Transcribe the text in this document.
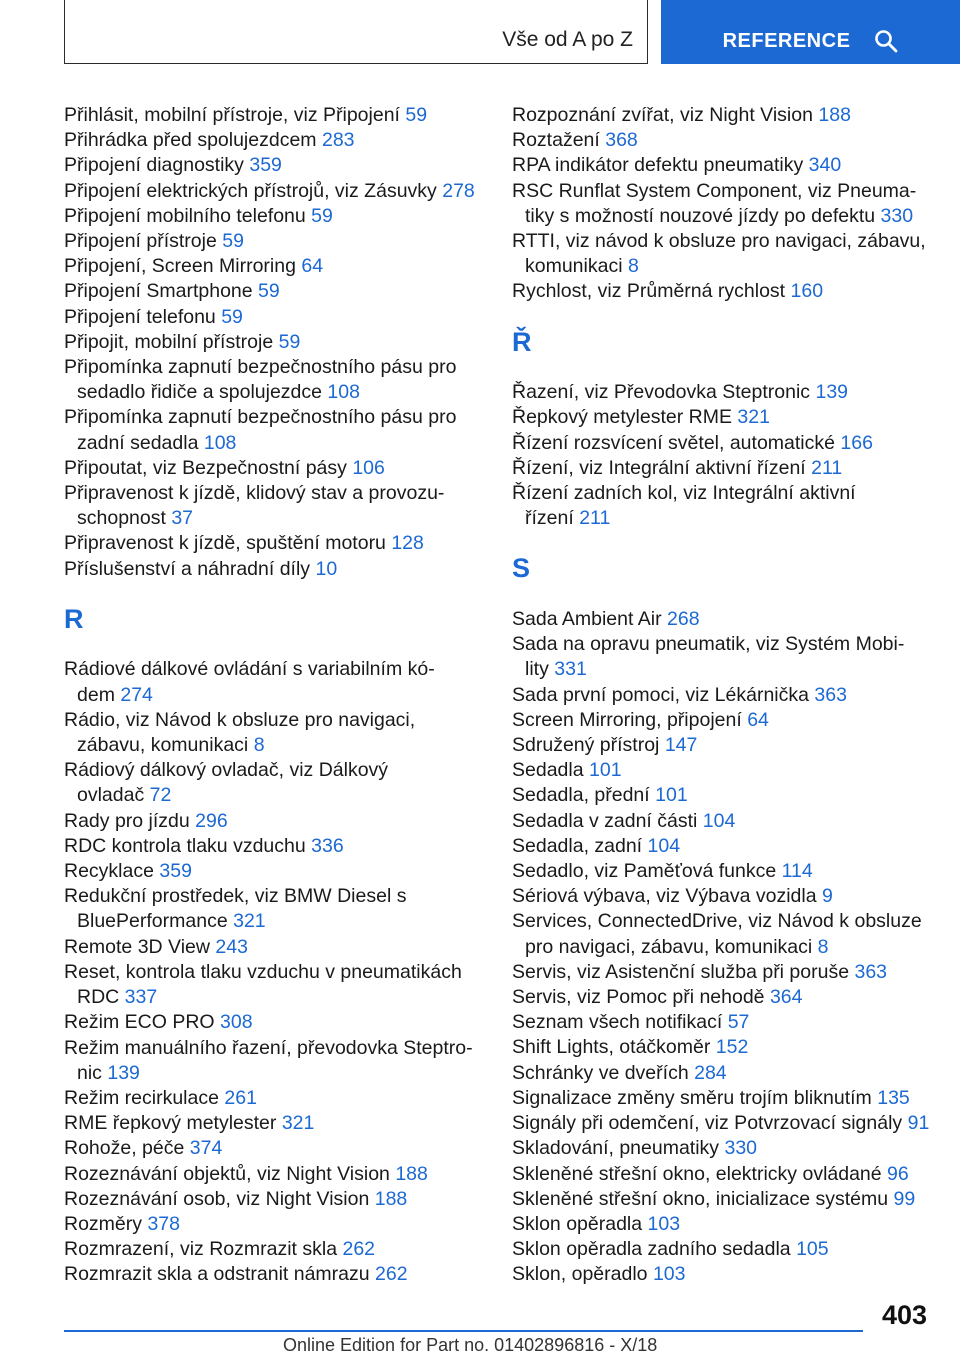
Vše od A po Z	REFERENCE
Přihlásit, mobilní přístroje, viz Připojení 59
Přihrádka před spolujezdcem 283
Připojení diagnostiky 359
Připojení elektrických přístrojů, viz Zásuvky 278
Připojení mobilního telefonu 59
Připojení přístroje 59
Připojení, Screen Mirroring 64
Připojení Smartphone 59
Připojení telefonu 59
Připojit, mobilní přístroje 59
Připomínka zapnutí bezpečnostního pásu pro sedadlo řidiče a spolujezdce 108
Připomínka zapnutí bezpečnostního pásu pro zadní sedadla 108
Připoutat, viz Bezpečnostní pásy 106
Připravenost k jízdě, klidový stav a provozuschopnost 37
Připravenost k jízdě, spuštění motoru 128
Příslušenství a náhradní díly 10
R
Rádiové dálkové ovládání s variabilním kódem 274
Rádio, viz Návod k obsluze pro navigaci, zábavu, komunikaci 8
Rádiový dálkový ovladač, viz Dálkový ovladač 72
Rady pro jízdu 296
RDC kontrola tlaku vzduchu 336
Recyklace 359
Redukční prostředek, viz BMW Diesel s BluePerformance 321
Remote 3D View 243
Reset, kontrola tlaku vzduchu v pneumatikách RDC 337
Režim ECO PRO 308
Režim manuálního řazení, převodovka Steptronic 139
Režim recirkulace 261
RME řepkový metylester 321
Rohože, péče 374
Rozeznávání objektů, viz Night Vision 188
Rozeznávání osob, viz Night Vision 188
Rozměry 378
Rozmrazení, viz Rozmrazit skla 262
Rozmrazit skla a odstranit námrazu 262
Rozpoznání zvířat, viz Night Vision 188
Roztažení 368
RPA indikátor defektu pneumatiky 340
RSC Runflat System Component, viz Pneumatiky s možností nouzové jízdy po defektu 330
RTTI, viz návod k obsluze pro navigaci, zábavu, komunikaci 8
Rychlost, viz Průměrná rychlost 160
Ř
Řazení, viz Převodovka Steptronic 139
Řepkový metylester RME 321
Řízení rozsvícení světel, automatické 166
Řízení, viz Integrální aktivní řízení 211
Řízení zadních kol, viz Integrální aktivní řízení 211
S
Sada Ambient Air 268
Sada na opravu pneumatik, viz Systém Mobility 331
Sada první pomoci, viz Lékárnička 363
Screen Mirroring, připojení 64
Sdružený přístroj 147
Sedadla 101
Sedadla, přední 101
Sedadla v zadní části 104
Sedadla, zadní 104
Sedadlo, viz Paměťová funkce 114
Sériová výbava, viz Výbava vozidla 9
Services, ConnectedDrive, viz Návod k obsluze pro navigaci, zábavu, komunikaci 8
Servis, viz Asistenční služba při poruše 363
Servis, viz Pomoc při nehodě 364
Seznam všech notifikací 57
Shift Lights, otáčkoměr 152
Schránky ve dveřích 284
Signalizace změny směru trojím bliknutím 135
Signály při odemčení, viz Potvrzovací signály 91
Skladování, pneumatiky 330
Skleněné střešní okno, elektricky ovládané 96
Skleněné střešní okno, inicializace systému 99
Sklon opěradla 103
Sklon opěradla zadního sedadla 105
Sklon, opěradlo 103
403
Online Edition for Part no. 01402896816 - X/18
